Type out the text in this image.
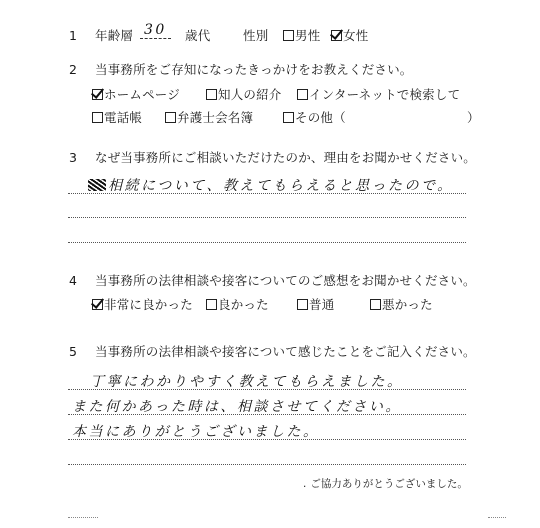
1 年齢層 30	歳代	性別	男性	女性
2 当事務所をご存知になったきっかけをお教えください。
ホームページ	知人の紹介	インターネットで検索して
電話帳	弁護士会名簿	その他（	）
3 なぜ当事務所にご相談いただけたのか、理由をお聞かせください。
相続について、教えてもらえると思ったので。
4 当事務所の法律相談や接客についてのご感想をお聞かせください。
非常に良かった	良かった	普通	悪かった
5 当事務所の法律相談や接客について感じたことをご記入ください。
丁寧にわかりやすく教えてもらえました。
また何かあった時は、相談させてください。
本当にありがとうございました。
. ご協力ありがとうございました。
